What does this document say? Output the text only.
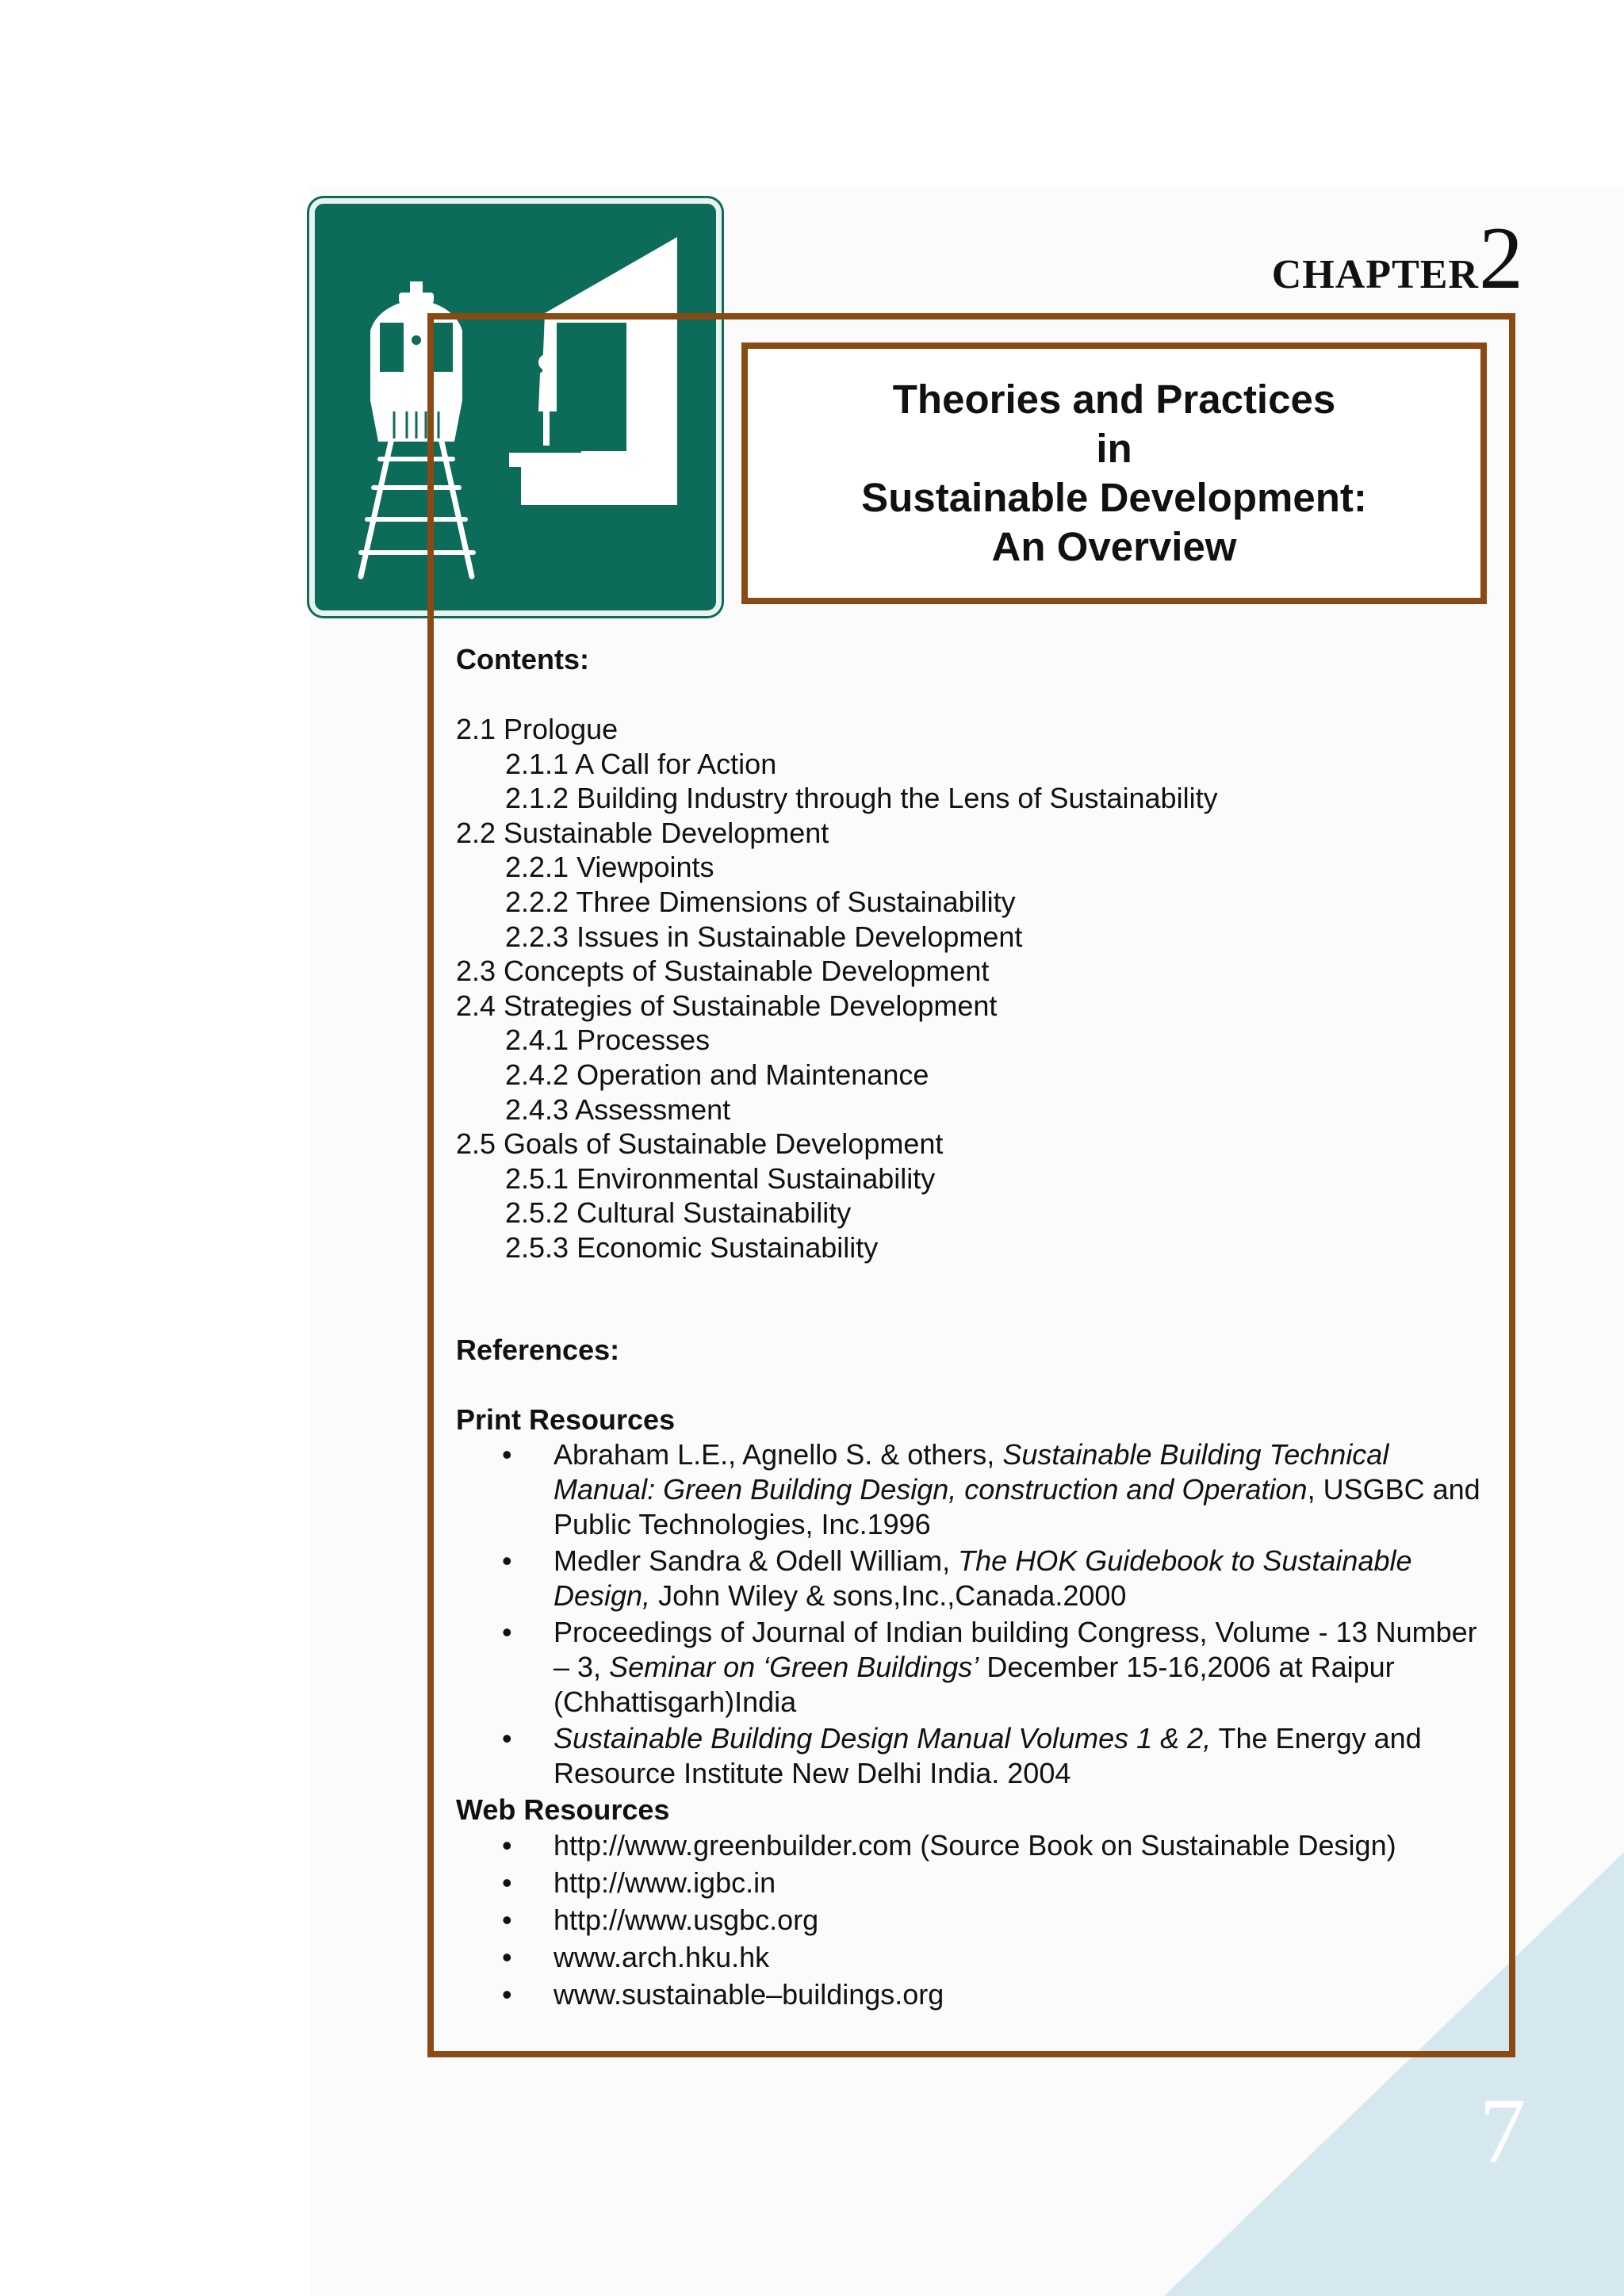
7
CHAPTER2
Theories and Practices
in
Sustainable Development:
An Overview

Contents:

2.1 Prologue
2.1.1 A Call for Action
2.1.2 Building Industry through the Lens of Sustainability
2.2 Sustainable Development
2.2.1 Viewpoints
2.2.2 Three Dimensions of Sustainability
2.2.3 Issues in Sustainable Development
2.3 Concepts of Sustainable Development
2.4 Strategies of Sustainable Development
2.4.1 Processes
2.4.2 Operation and Maintenance
2.4.3 Assessment
2.5 Goals of Sustainable Development
2.5.1 Environmental Sustainability
2.5.2 Cultural Sustainability
2.5.3 Economic Sustainability

References:

Print Resources

• Abraham L.E., Agnello S. & others, Sustainable Building Technical Manual: Green Building Design, construction and Operation, USGBC and Public Technologies, Inc.1996
• Medler Sandra & Odell William, The HOK Guidebook to Sustainable Design, John Wiley & sons,Inc.,Canada.2000
• Proceedings of Journal of Indian building Congress, Volume - 13 Number – 3, Seminar on ‘Green Buildings’ December 15-16,2006 at Raipur (Chhattisgarh)India
• Sustainable Building Design Manual Volumes 1 & 2, The Energy and Resource Institute New Delhi India. 2004

Web Resources

• http://www.greenbuilder.com (Source Book on Sustainable Design)
• http://www.igbc.in
• http://www.usgbc.org
• www.arch.hku.hk
• www.sustainable–buildings.org
